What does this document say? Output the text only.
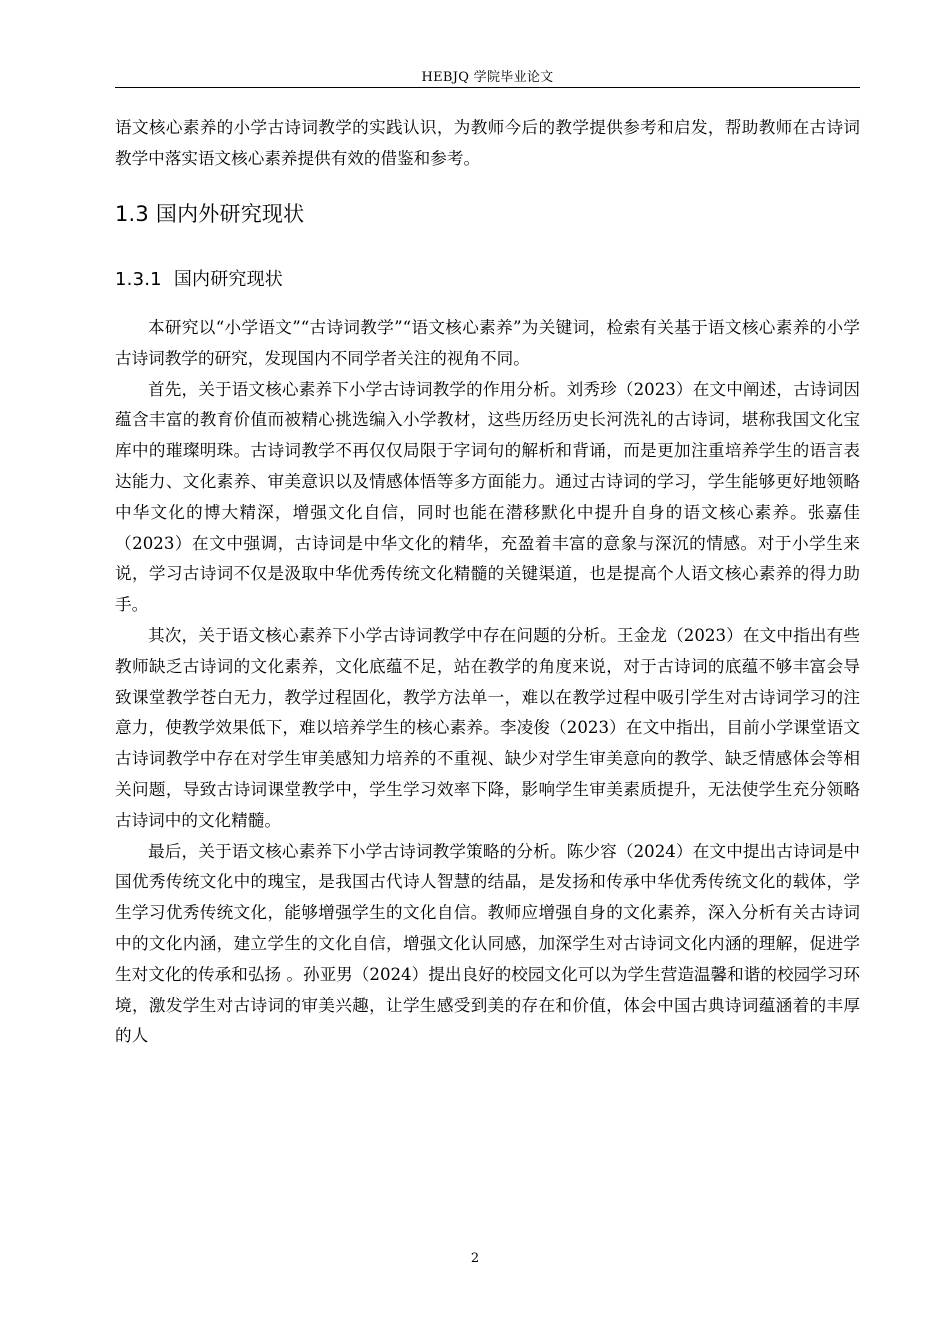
HEBJQ 学院毕业论文

语文核心素养的小学古诗词教学的实践认识，为教师今后的教学提供参考和启发，帮助教师在古诗词教学中落实语文核心素养提供有效的借鉴和参考。

1.3 国内外研究现状
1.3.1 国内研究现状

本研究以“小学语文”“古诗词教学”“语文核心素养”为关键词，检索有关基于语文核心素养的小学古诗词教学的研究，发现国内不同学者关注的视角不同。

首先，关于语文核心素养下小学古诗词教学的作用分析。刘秀珍（2023）在文中阐述，古诗词因蕴含丰富的教育价值而被精心挑选编入小学教材，这些历经历史长河洗礼的古诗词，堪称我国文化宝库中的璀璨明珠。古诗词教学不再仅仅局限于字词句的解析和背诵，而是更加注重培养学生的语言表达能力、文化素养、审美意识以及情感体悟等多方面能力。通过古诗词的学习，学生能够更好地领略中华文化的博大精深，增强文化自信，同时也能在潜移默化中提升自身的语文核心素养。张嘉佳（2023）在文中强调，古诗词是中华文化的精华，充盈着丰富的意象与深沉的情感。对于小学生来说，学习古诗词不仅是汲取中华优秀传统文化精髓的关键渠道，也是提高个人语文核心素养的得力助手。

其次，关于语文核心素养下小学古诗词教学中存在问题的分析。王金龙（2023）在文中指出有些教师缺乏古诗词的文化素养，文化底蕴不足，站在教学的角度来说，对于古诗词的底蕴不够丰富会导致课堂教学苍白无力，教学过程固化，教学方法单一，难以在教学过程中吸引学生对古诗词学习的注意力，使教学效果低下，难以培养学生的核心素养。李凌俊（2023）在文中指出，目前小学课堂语文古诗词教学中存在对学生审美感知力培养的不重视、缺少对学生审美意向的教学、缺乏情感体会等相关问题，导致古诗词课堂教学中，学生学习效率下降，影响学生审美素质提升，无法使学生充分领略古诗词中的文化精髓。

最后，关于语文核心素养下小学古诗词教学策略的分析。陈少容（2024）在文中提出古诗词是中国优秀传统文化中的瑰宝，是我国古代诗人智慧的结晶，是发扬和传承中华优秀传统文化的载体，学生学习优秀传统文化，能够增强学生的文化自信。教师应增强自身的文化素养，深入分析有关古诗词中的文化内涵，建立学生的文化自信，增强文化认同感，加深学生对古诗词文化内涵的理解，促进学生对文化的传承和弘扬 。孙亚男（2024）提出良好的校园文化可以为学生营造温馨和谐的校园学习环境，激发学生对古诗词的审美兴趣，让学生感受到美的存在和价值，体会中国古典诗词蕴涵着的丰厚的人

2
